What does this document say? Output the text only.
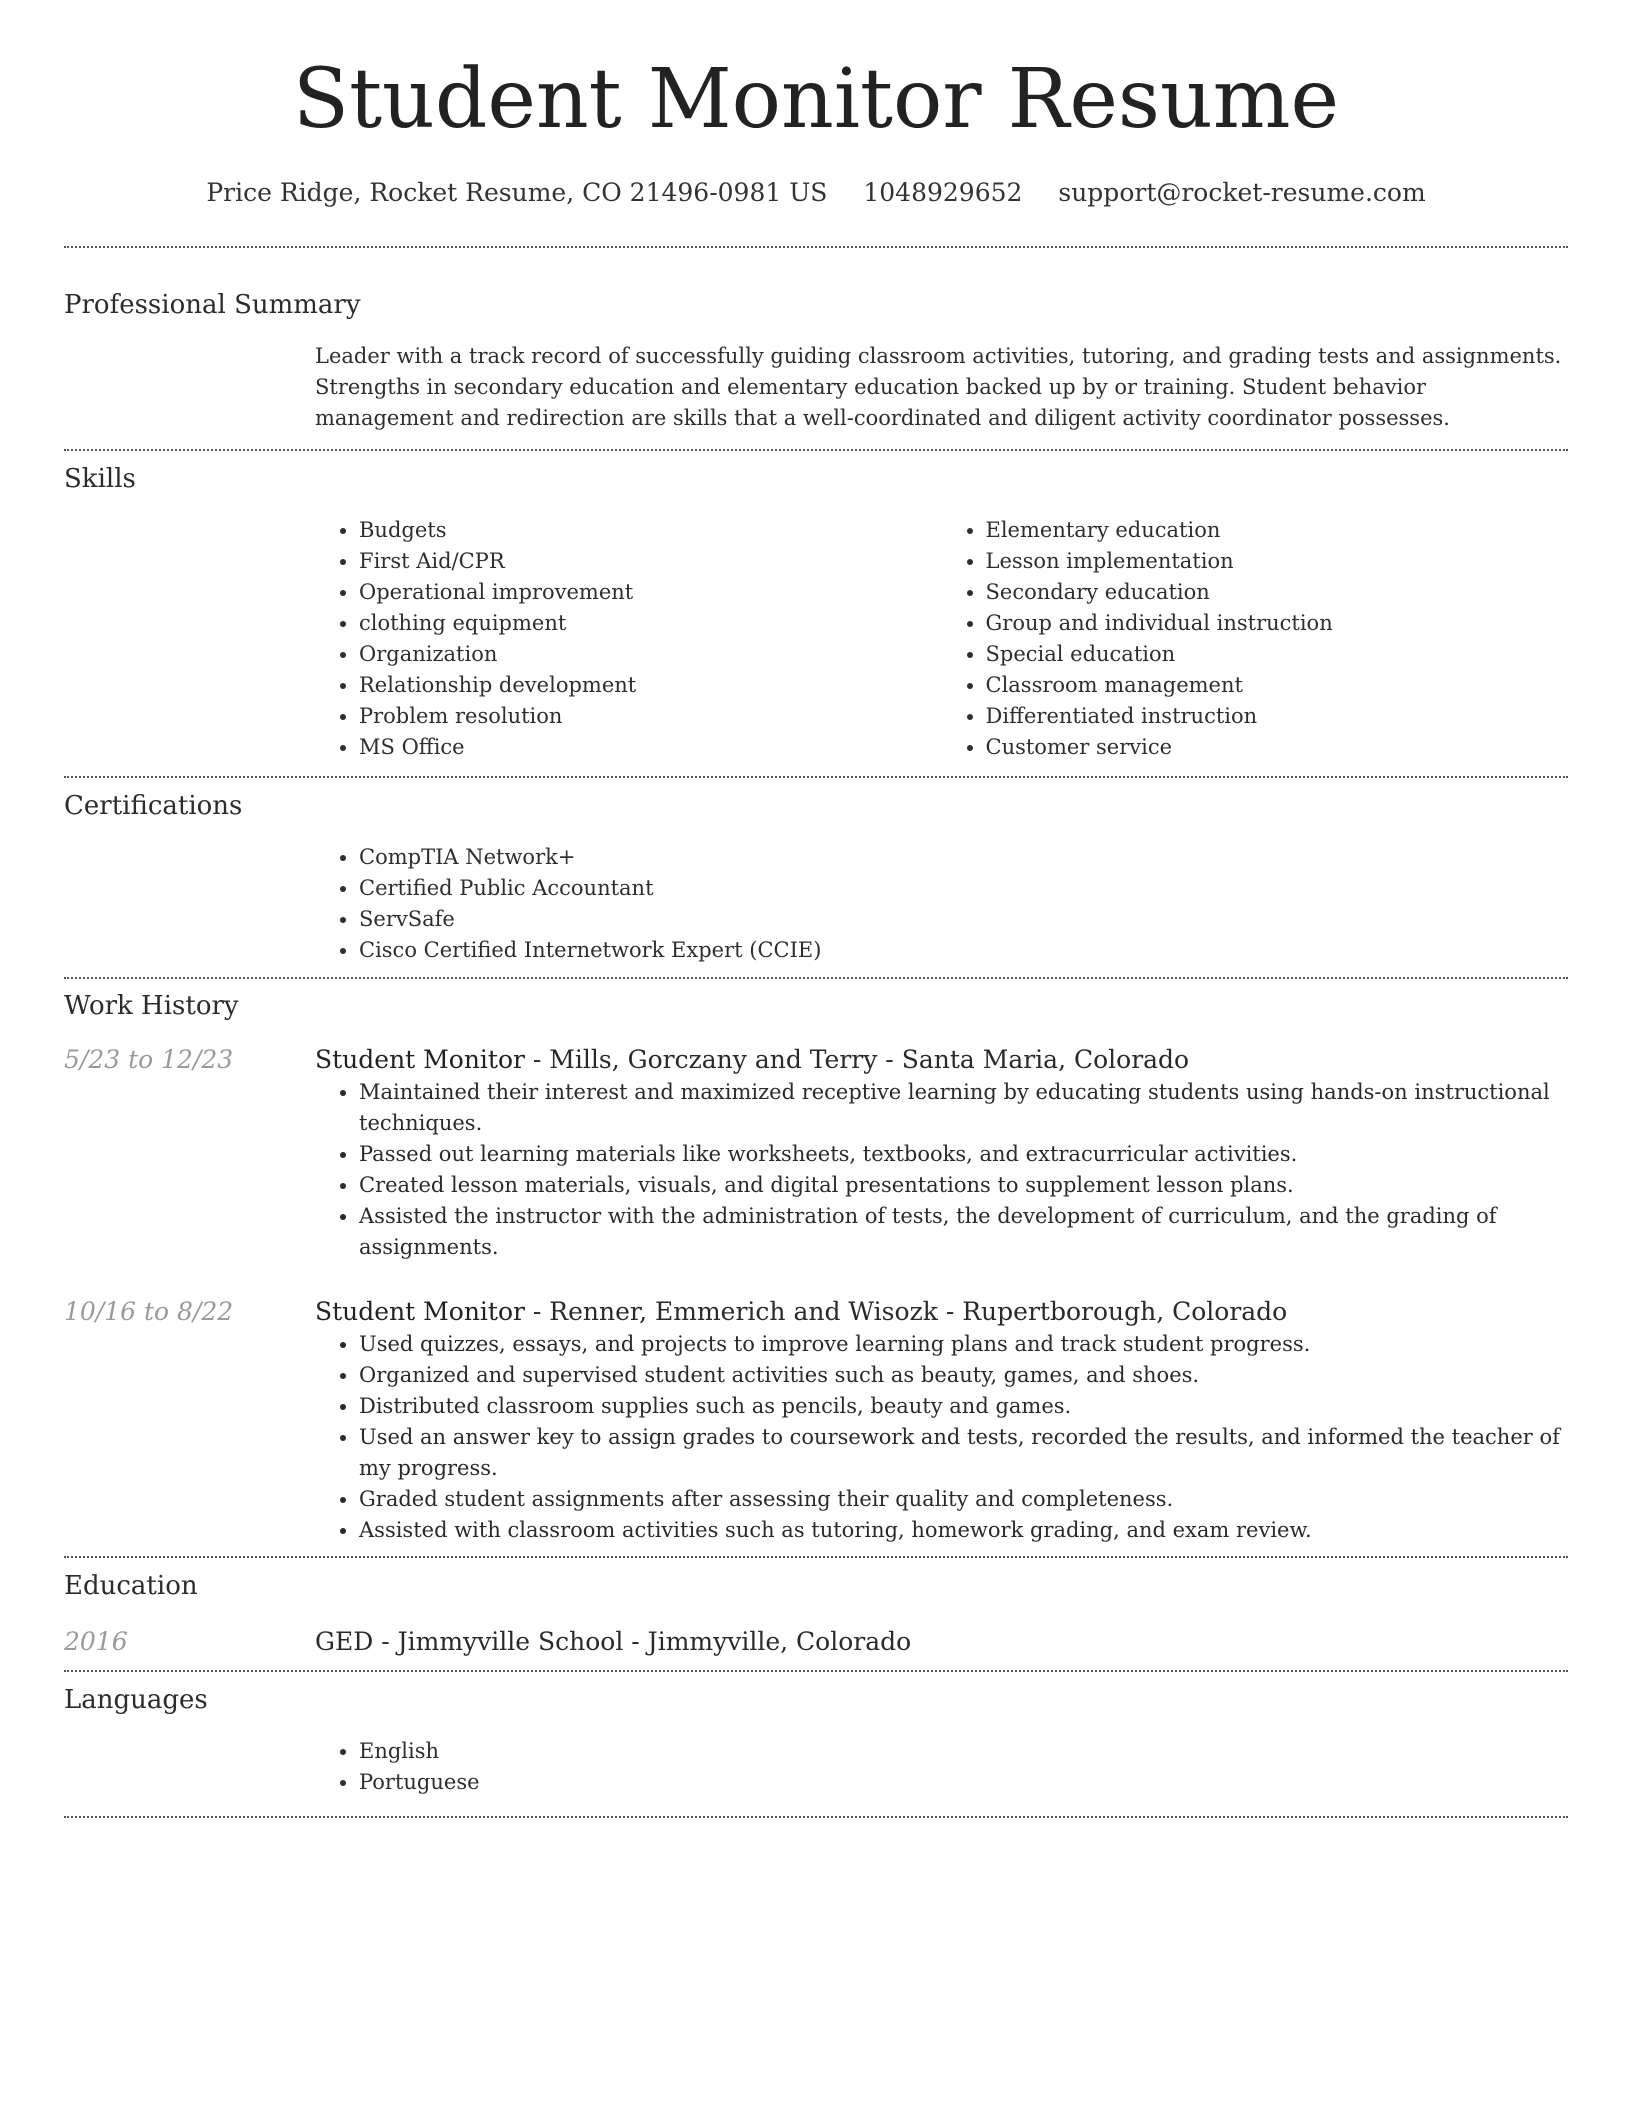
Student Monitor Resume
Price Ridge, Rocket Resume, CO 21496-0981 US 1048929652 support@rocket-resume.com
Professional Summary

Leader with a track record of successfully guiding classroom activities, tutoring, and grading tests and assignments. Strengths in secondary education and elementary education backed up by or training. Student behavior management and redirection are skills that a well-coordinated and diligent activity coordinator possesses.

Skills
• Budgets
• First Aid/CPR
• Operational improvement
• clothing equipment
• Organization
• Relationship development
• Problem resolution
• MS Office
• Elementary education
• Lesson implementation
• Secondary education
• Group and individual instruction
• Special education
• Classroom management
• Differentiated instruction
• Customer service
Certifications
• CompTIA Network+
• Certified Public Accountant
• ServSafe
• Cisco Certified Internetwork Expert (CCIE)
Work History
5/23 to 12/23	Student Monitor - Mills, Gorczany and Terry - Santa Maria, Colorado
• Maintained their interest and maximized receptive learning by educating students using hands-on instructional techniques.
• Passed out learning materials like worksheets, textbooks, and extracurricular activities.
• Created lesson materials, visuals, and digital presentations to supplement lesson plans.
• Assisted the instructor with the administration of tests, the development of curriculum, and the grading of assignments.
10/16 to 8/22	Student Monitor - Renner, Emmerich and Wisozk - Rupertborough, Colorado
• Used quizzes, essays, and projects to improve learning plans and track student progress.
• Organized and supervised student activities such as beauty, games, and shoes.
• Distributed classroom supplies such as pencils, beauty and games.
• Used an answer key to assign grades to coursework and tests, recorded the results, and informed the teacher of my progress.
• Graded student assignments after assessing their quality and completeness.
• Assisted with classroom activities such as tutoring, homework grading, and exam review.
Education
2016	GED - Jimmyville School - Jimmyville, Colorado
Languages
• English
• Portuguese
